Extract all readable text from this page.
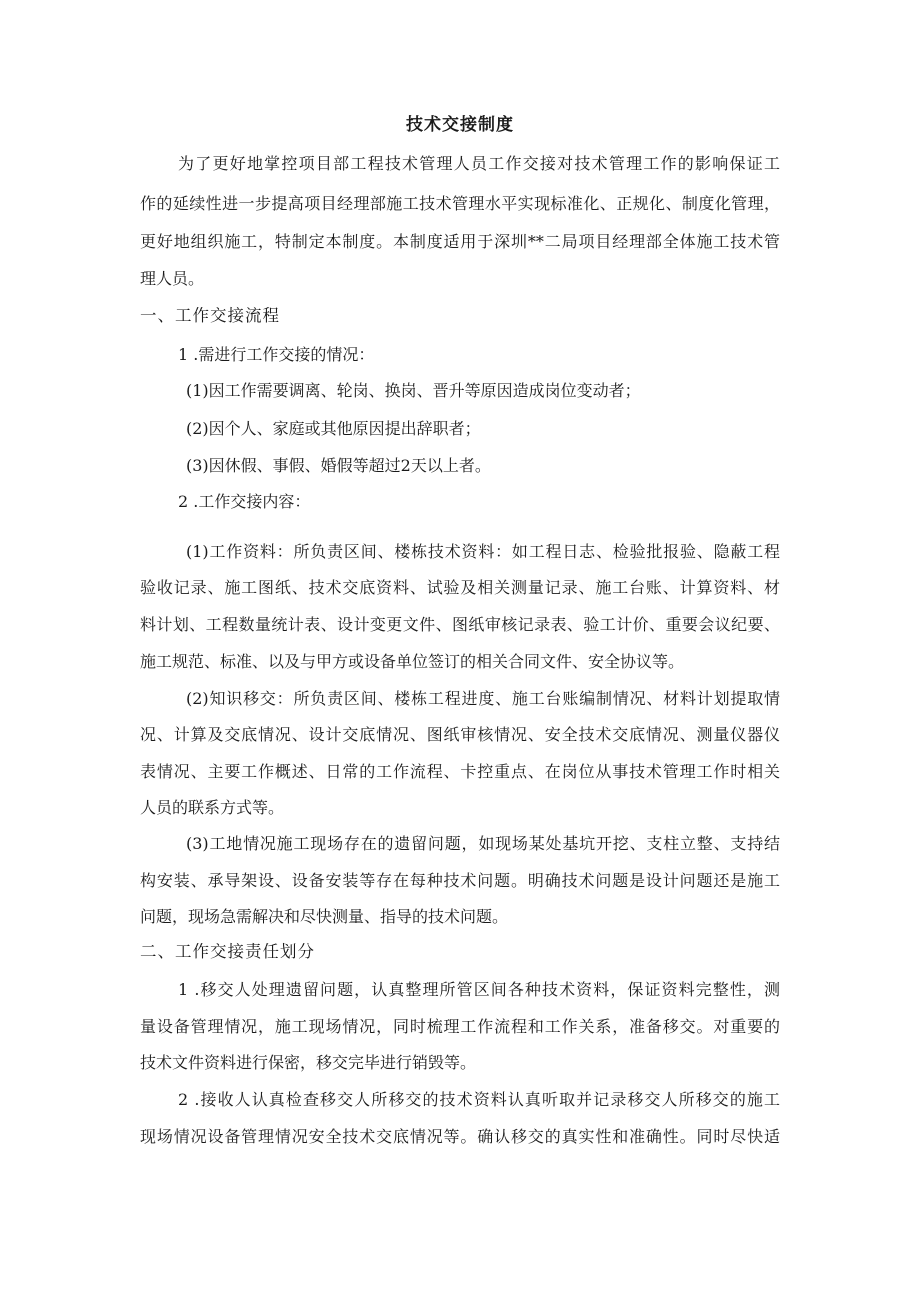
技术交接制度
为了更好地掌控项目部工程技术管理人员工作交接对技术管理工作的影响保证工
作的延续性进一步提高项目经理部施工技术管理水平实现标准化、正规化、制度化管理，
更好地组织施工，特制定本制度。本制度适用于深圳**二局项目经理部全体施工技术管
理人员。
一、工作交接流程
1 .需进行工作交接的情况：
(1)因工作需要调离、轮岗、换岗、晋升等原因造成岗位变动者；
(2)因个人、家庭或其他原因提出辞职者；
(3)因休假、事假、婚假等超过2天以上者。
2 .工作交接内容：
(1)工作资料：所负责区间、楼栋技术资料：如工程日志、检验批报验、隐蔽工程
验收记录、施工图纸、技术交底资料、试验及相关测量记录、施工台账、计算资料、材
料计划、工程数量统计表、设计变更文件、图纸审核记录表、验工计价、重要会议纪要、
施工规范、标准、以及与甲方或设备单位签订的相关合同文件、安全协议等。
(2)知识移交：所负责区间、楼栋工程进度、施工台账编制情况、材料计划提取情
况、计算及交底情况、设计交底情况、图纸审核情况、安全技术交底情况、测量仪器仪
表情况、主要工作概述、日常的工作流程、卡控重点、在岗位从事技术管理工作时相关
人员的联系方式等。
(3)工地情况施工现场存在的遗留问题，如现场某处基坑开挖、支柱立整、支持结
构安装、承导架设、设备安装等存在每种技术问题。明确技术问题是设计问题还是施工
问题，现场急需解决和尽快测量、指导的技术问题。
二、工作交接责任划分
1 .移交人处理遗留问题，认真整理所管区间各种技术资料，保证资料完整性，测
量设备管理情况，施工现场情况，同时梳理工作流程和工作关系，准备移交。对重要的
技术文件资料进行保密，移交完毕进行销毁等。
2 .接收人认真检查移交人所移交的技术资料认真听取并记录移交人所移交的施工
现场情况设备管理情况安全技术交底情况等。确认移交的真实性和准确性。同时尽快适
